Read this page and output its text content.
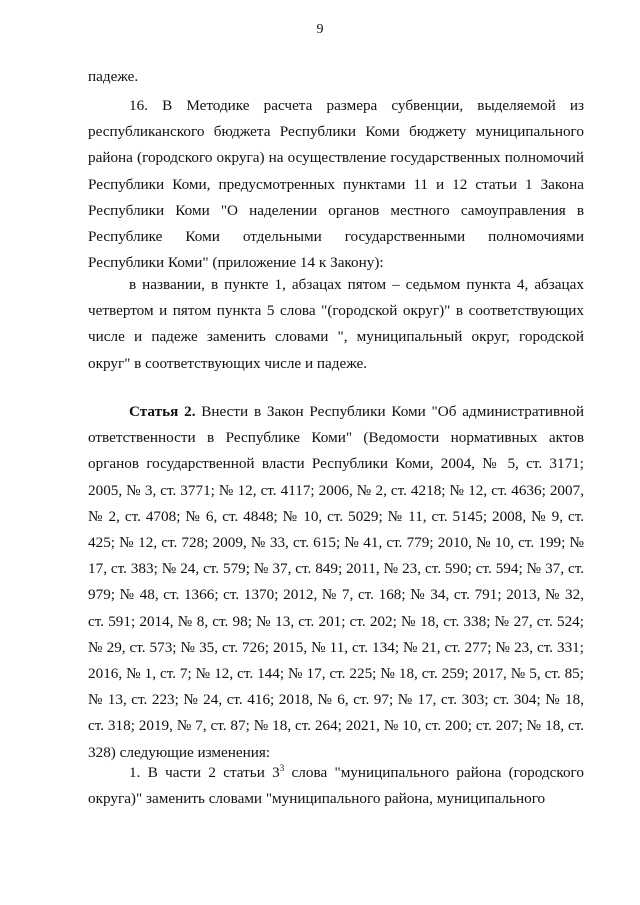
9

падеже.

16. В Методике расчета размера субвенции, выделяемой из республиканского бюджета Республики Коми бюджету муниципального района (городского округа) на осуществление государственных полномочий Республики Коми, предусмотренных пунктами 11 и 12 статьи 1 Закона Республики Коми "О наделении органов местного самоуправления в Республике Коми отдельными государственными полномочиями Республики Коми" (приложение 14 к Закону):

в названии, в пункте 1, абзацах пятом – седьмом пункта 4, абзацах четвертом и пятом пункта 5 слова "(городской округ)" в соответствующих числе и падеже заменить словами ", муниципальный округ, городской округ" в соответствующих числе и падеже.

Статья 2. Внести в Закон Республики Коми "Об административной ответственности в Республике Коми" (Ведомости нормативных актов органов государственной власти Республики Коми, 2004, № 5, ст. 3171; 2005, № 3, ст. 3771; № 12, ст. 4117; 2006, № 2, ст. 4218; № 12, ст. 4636; 2007, № 2, ст. 4708; № 6, ст. 4848; № 10, ст. 5029; № 11, ст. 5145; 2008, № 9, ст. 425; № 12, ст. 728; 2009, № 33, ст. 615; № 41, ст. 779; 2010, № 10, ст. 199; № 17, ст. 383; № 24, ст. 579; № 37, ст. 849; 2011, № 23, ст. 590; ст. 594; № 37, ст. 979; № 48, ст. 1366; ст. 1370; 2012, № 7, ст. 168; № 34, ст. 791; 2013, № 32, ст. 591; 2014, № 8, ст. 98; № 13, ст. 201; ст. 202; № 18, ст. 338; № 27, ст. 524; № 29, ст. 573; № 35, ст. 726; 2015, № 11, ст. 134; № 21, ст. 277; № 23, ст. 331; 2016, № 1, ст. 7; № 12, ст. 144; № 17, ст. 225; № 18, ст. 259; 2017, № 5, ст. 85; № 13, ст. 223; № 24, ст. 416; 2018, № 6, ст. 97; № 17, ст. 303; ст. 304; № 18, ст. 318; 2019, № 7, ст. 87; № 18, ст. 264; 2021, № 10, ст. 200; ст. 207; № 18, ст. 328) следующие изменения:

1. В части 2 статьи $3^3$ слова "муниципального района (городского округа)" заменить словами "муниципального района, муниципального
